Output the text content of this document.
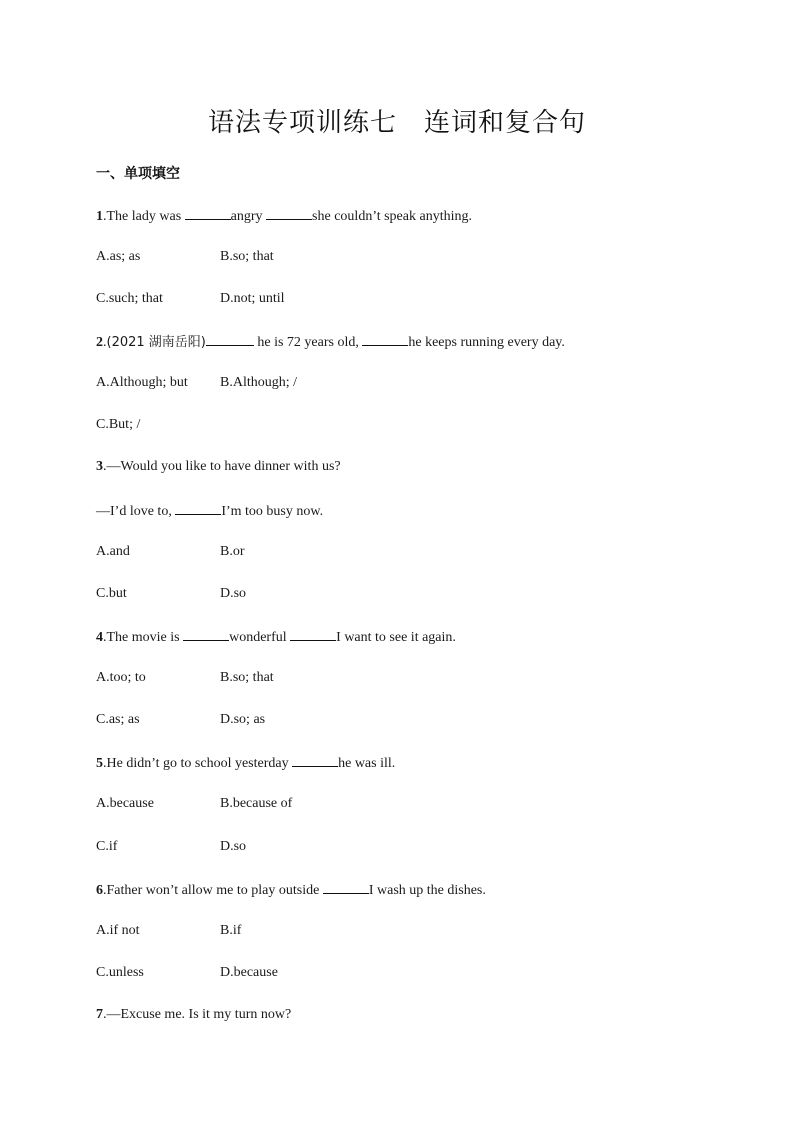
语法专项训练七　连词和复合句
一、单项填空
1.The lady was	angry	she couldn’t speak anything.
A.as; as	B.so; that
C.such; that	D.not; until
2.(2021 湖南岳阳)	he is 72 years old,	he keeps running every day.
A.Although; but B.Although; /
C.But; /
3.—Would you like to have dinner with us?
—I’d love to,	I’m too busy now.
A.and	B.or
C.but	D.so
4.The movie is	wonderful	I want to see it again.
A.too; to	B.so; that
C.as; as	D.so; as
5.He didn’t go to school yesterday	he was ill.
A.because	B.because of
C.if	D.so
6.Father won’t allow me to play outside	I wash up the dishes.
A.if not	B.if
C.unless	D.because
7.—Excuse me. Is it my turn now?
